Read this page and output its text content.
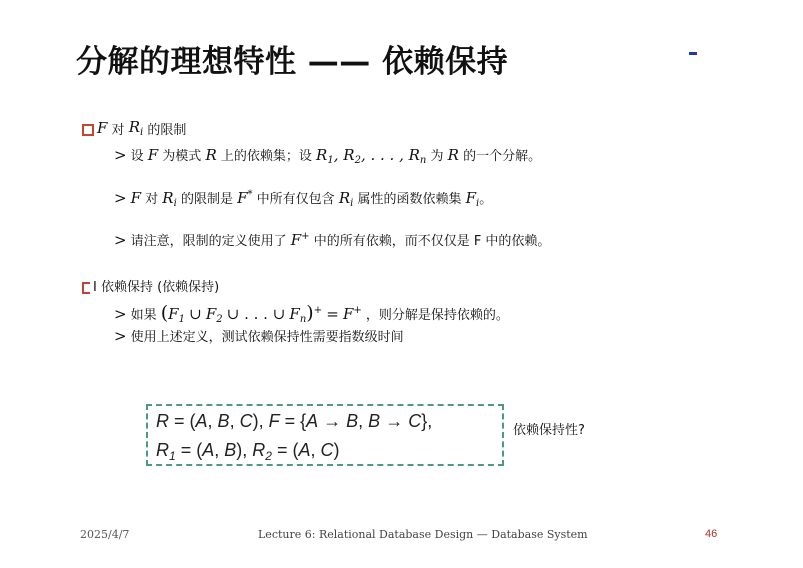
分解的理想特性 —— 依赖保持
F 对 $R_i$
的限制
> 设 F 为模式 R 上的依赖集；设 $R_1$, $R_2$, . . . , $R_n$ 为 R 的一个分解。
> F 对 $R_i$ 的限制是 F* 中所有仅包含 $R_i$ 属性的函数依赖集 $F_i$。
> 请注意，限制的定义使用了 F+ 中的所有依赖，而不仅仅是 F 中的依赖。
I 依赖保持 (依赖保持)
> 如果 ($F_1$ ∪ $F_2$ ∪ . . . ∪ $F_n)^+ = F^+$ ，则分解是保持依赖的。
> 使用上述定义，测试依赖保持性需要指数级时间
R = (A, B, C), F = {A → B, B → C},
$R_1 = (A$, B), $R_2 = (A$, C)
依赖保持性?
2025/4/7	Lecture 6: Relational Database Design — Database System	46
